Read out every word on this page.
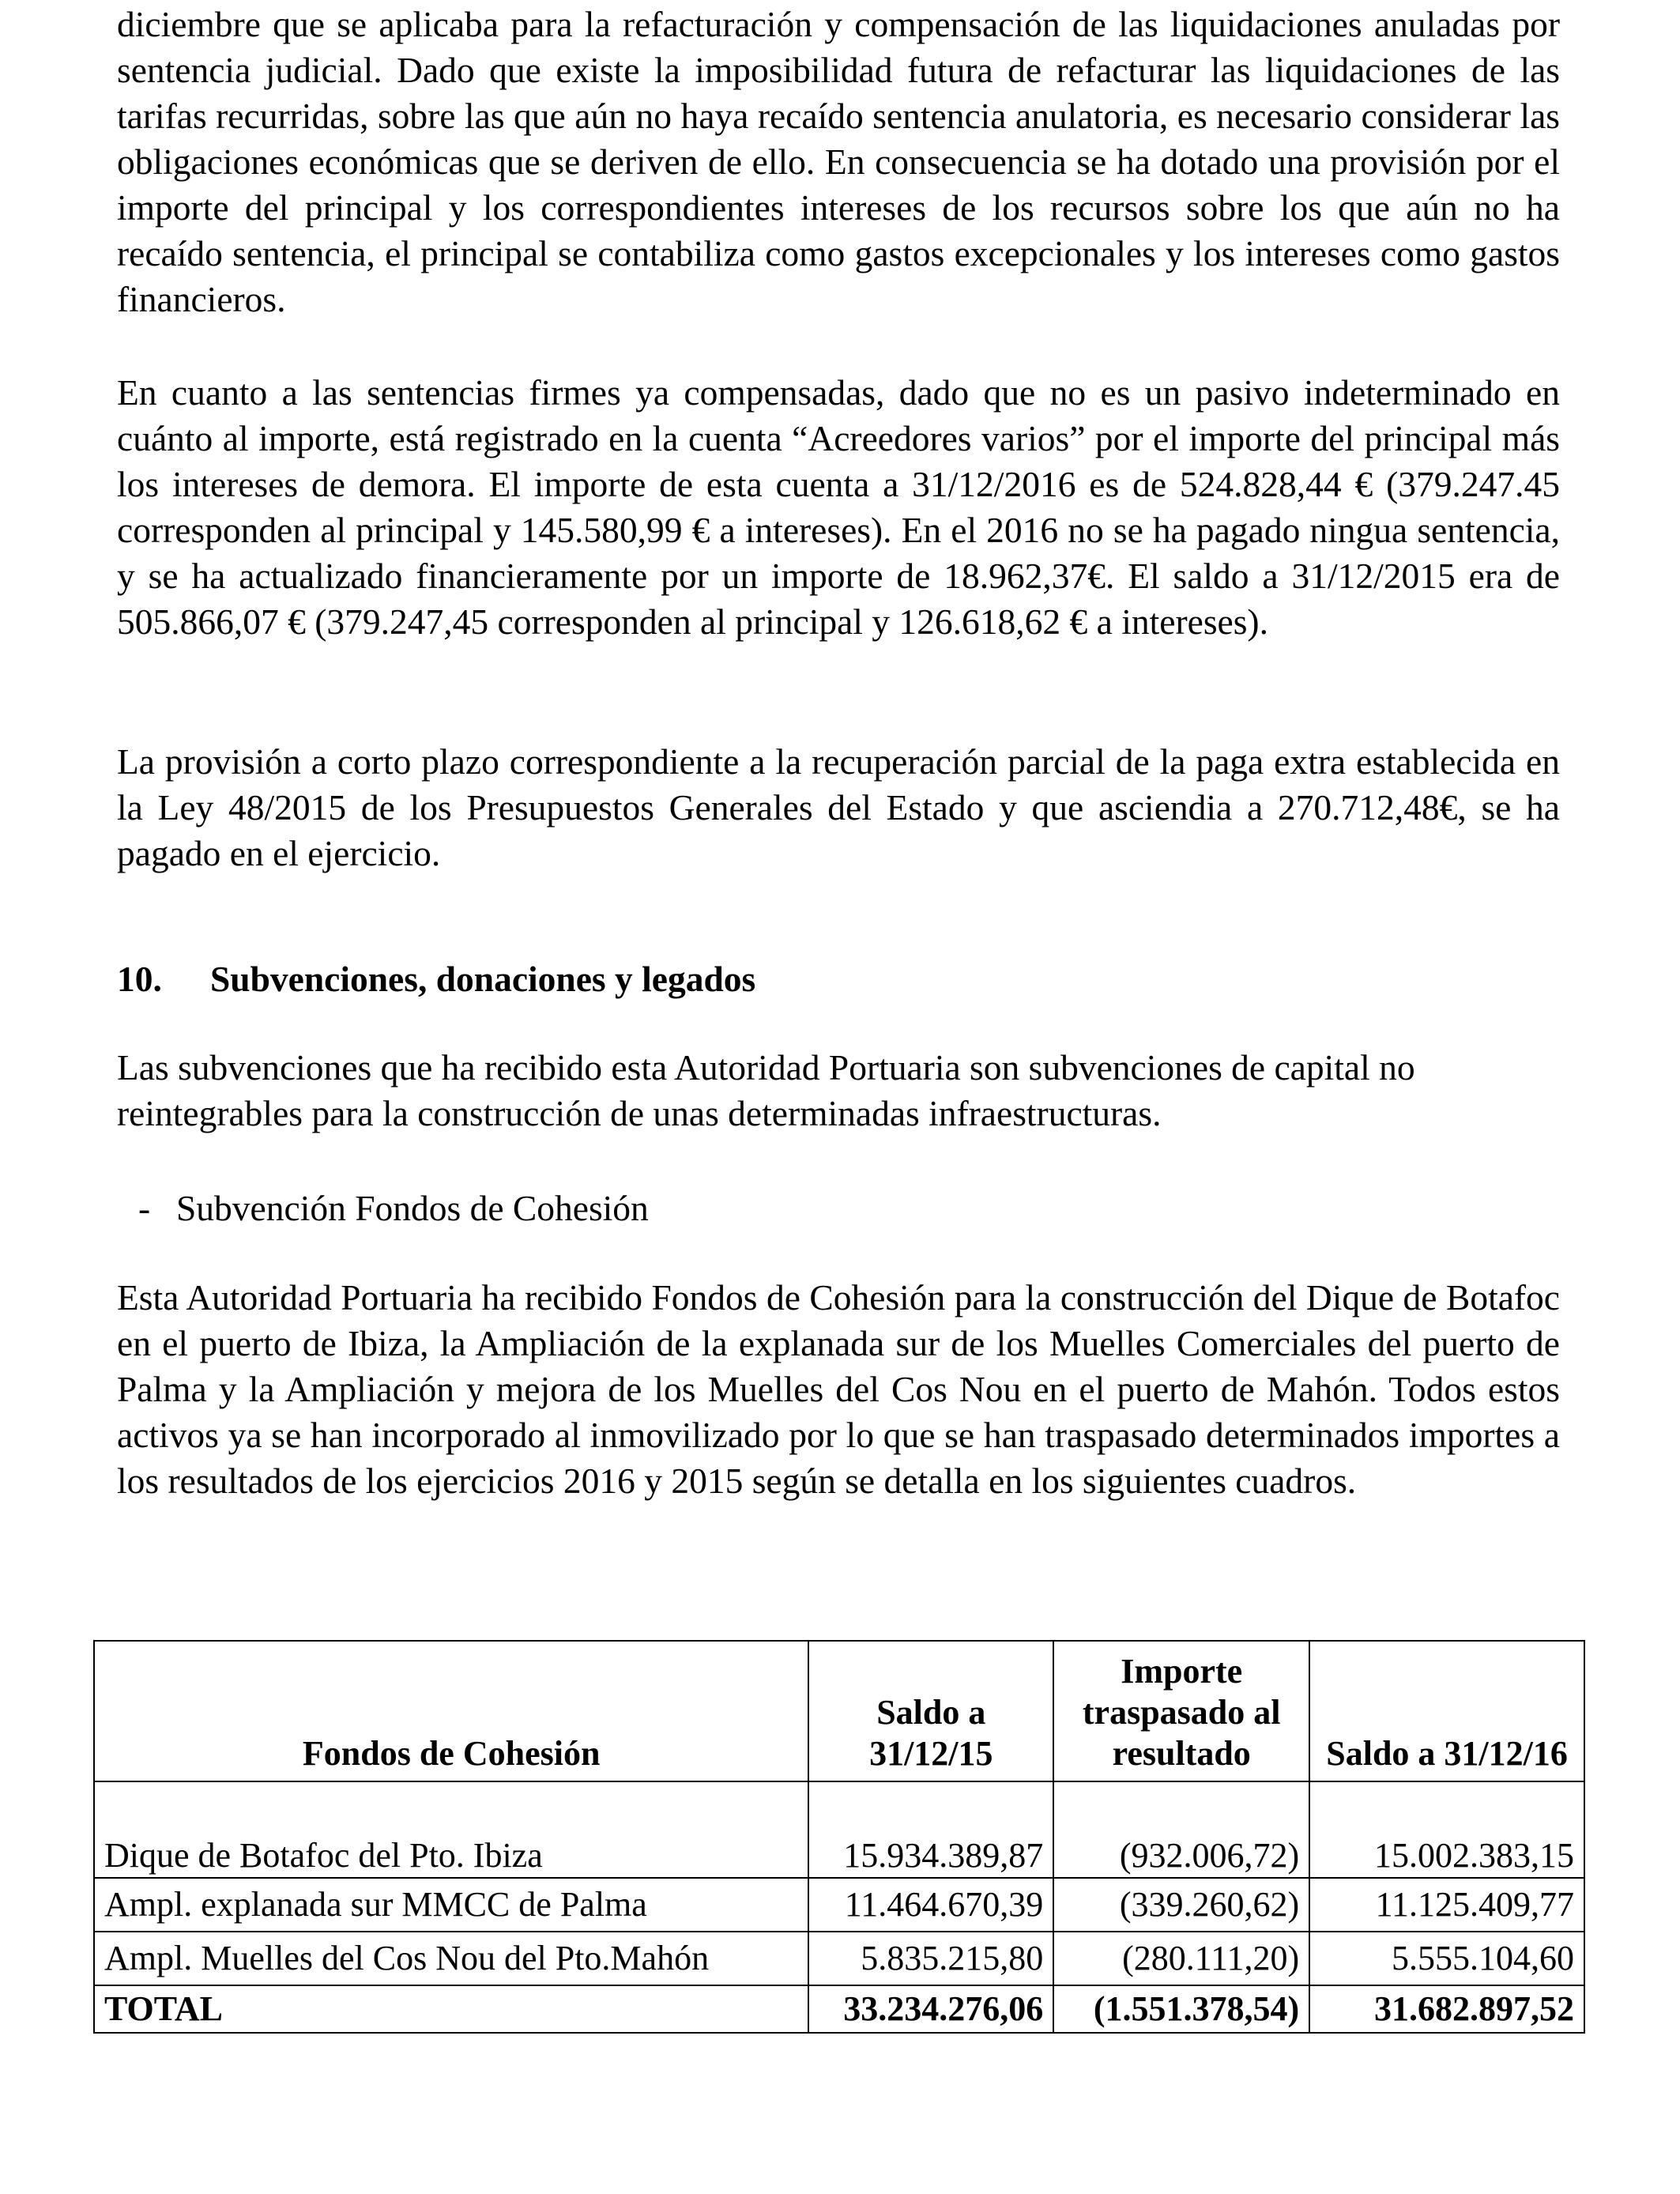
diciembre que se aplicaba para la refacturación y compensación de las liquidaciones anuladas por sentencia judicial. Dado que existe la imposibilidad futura de refacturar las liquidaciones de las tarifas recurridas, sobre las que aún no haya recaído sentencia anulatoria, es necesario considerar las obligaciones económicas que se deriven de ello. En consecuencia se ha dotado una provisión por el importe del principal y los correspondientes intereses de los recursos sobre los que aún no ha recaído sentencia, el principal se contabiliza como gastos excepcionales y los intereses como gastos financieros.

En cuanto a las sentencias firmes ya compensadas, dado que no es un pasivo indeterminado en cuánto al importe, está registrado en la cuenta “Acreedores varios” por el importe del principal más los intereses de demora. El importe de esta cuenta a 31/12/2016 es de 524.828,44 € (379.247.45 corresponden al principal y 145.580,99 € a intereses). En el 2016 no se ha pagado ningua sentencia, y se ha actualizado financieramente por un importe de 18.962,37€. El saldo a 31/12/2015 era de 505.866,07 € (379.247,45 corresponden al principal y 126.618,62 € a intereses).

La provisión a corto plazo correspondiente a la recuperación parcial de la paga extra establecida en la Ley 48/2015 de los Presupuestos Generales del Estado y que asciendia a 270.712,48€, se ha pagado en el ejercicio.

10. Subvenciones, donaciones y legados

Las subvenciones que ha recibido esta Autoridad Portuaria son subvenciones de capital no reintegrables para la construcción de unas determinadas infraestructuras.

- Subvención Fondos de Cohesión

Esta Autoridad Portuaria ha recibido Fondos de Cohesión para la construcción del Dique de Botafoc en el puerto de Ibiza, la Ampliación de la explanada sur de los Muelles Comerciales del puerto de Palma y la Ampliación y mejora de los Muelles del Cos Nou en el puerto de Mahón. Todos estos activos ya se han incorporado al inmovilizado por lo que se han traspasado determinados importes a los resultados de los ejercicios 2016 y 2015 según se detalla en los siguientes cuadros.

Fondos de Cohesión	Saldo a 31/12/15	Importe traspasado al resultado	Saldo a 31/12/16
Dique de Botafoc del Pto. Ibiza	15.934.389,87	(932.006,72)	15.002.383,15
Ampl. explanada sur MMCC de Palma	11.464.670,39	(339.260,62)	11.125.409,77
Ampl. Muelles del Cos Nou del Pto.Mahón	5.835.215,80	(280.111,20)	5.555.104,60
TOTAL	33.234.276,06	(1.551.378,54)	31.682.897,52
